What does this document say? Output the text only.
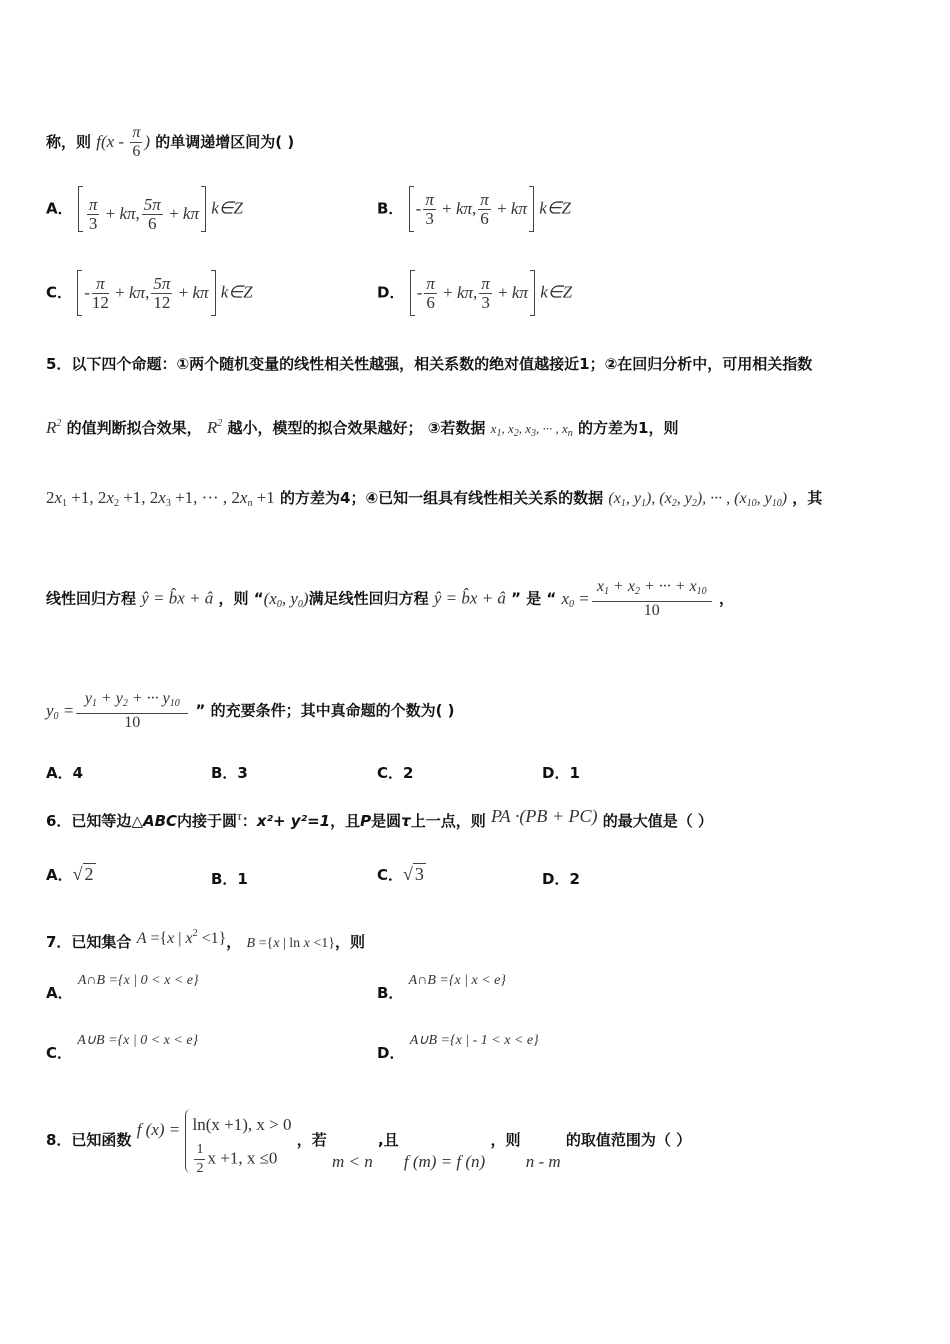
称，则 $f(x - \frac{\pi}{6}$ ) 的单调递增区间为( )
A． $\frac{\pi}{3} + k\pi$ , $\frac{5\pi}{6} + k\pi$ k∈Z	B． - $\frac{\pi}{3} + k\pi$ , $\frac{\pi}{6} + k\pi$ k∈Z
C． - $\frac{\pi}{12} + k\pi$ , $\frac{5\pi}{12} + k\pi$ k∈Z	D． - $\frac{\pi}{6} + k\pi$ , $\frac{\pi}{3} + k\pi$ k∈Z
5．以下四个命题：①两个随机变量的线性相关性越强，相关系数的绝对值越接近1；②在回归分析中，可用相关指数
$R^2$ 的值判断拟合效果， $R^2$ 越小，模型的拟合效果越好； ③若数据 $x_1$, $x_2$, $x_3$, ··· , $x_n$ 的方差为1，则
$2x_1 +1$, $2x_2 +1$, $2x_3 +1$, ··· , $2x_n +1$ 的方差为4；④已知一组具有线性相关关系的数据 ($x_1$, $y_1$), ($x_2$, $y_2$), ··· , ($x_{10}$, $y_{10}$) ，其
线性回归方程 ŷ = b̂x + â ，则 “($x_0$, $y_0$)满足线性回归方程 ŷ = b̂x + â ” 是 “ $x_0 = \frac{x_1 + x_2 + \cdot\cdot\cdot + x_{10}}{10}$ ，
$y_0 = \frac{y_1 + y_2 + \cdot\cdot\cdot y_{10}}{10}$ ” 的充要条件；其中真命题的个数为( )
A．4	B．3	C．2	D．1
6．已知等边△ABC内接于圆τ：x²+ y²=1，且P是圆τ上一点，则 PA ·(PB + PC) 的最大值是（ ）
A．√ 2	B．1	C．√ 3	D．2
7．已知集合 A ={x | $x^2 <1$}， B ={x | ln x <1}，则
A． A∩B ={x | 0 < x < e}
B． A∩B ={x | x < e}
C． A∪B ={x | 0 < x < e}
D． A∪B ={x | - 1 < x < e}
8．已知函数 f (x) = ln(x +1), x > 0
$\frac{1}{2}$ x +1, x ≤0
，若 m < n ,且 f (m) = f (n) ，则 n - m 的取值范围为（ ）
